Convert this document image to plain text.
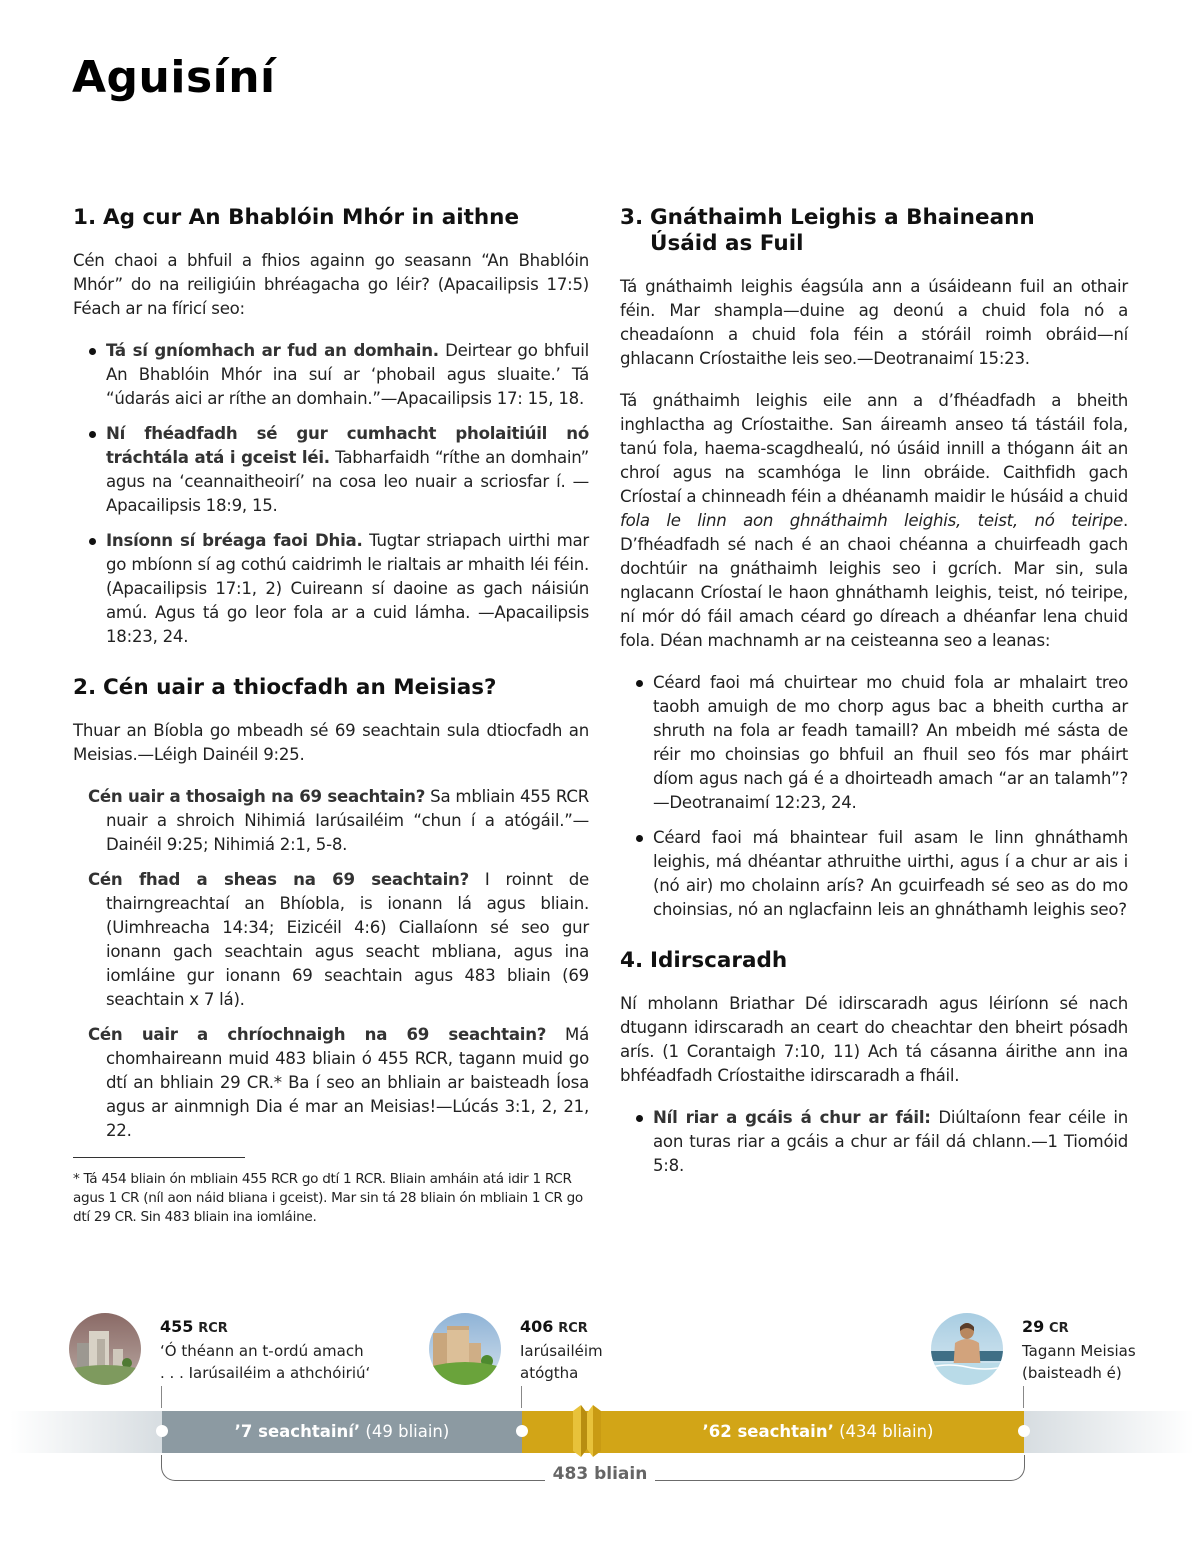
Aguisíní
1. Ag cur An Bhablóin Mhór in aithne

Cén chaoi a bhfuil a fhios againn go seasann “An Bhablóin Mhór” do na reiligiúin bhréagacha go léir? (Apacailipsis 17:5) Féach ar na fíricí seo:

Tá sí gníomhach ar fud an domhain. Deirtear go bhfuil An Bhablóin Mhór ina suí ar ‘phobail agus sluaite.’ Tá “údarás aici ar ríthe an domhain.”—Apacailipsis 17: 15, 18.
Ní fhéadfadh sé gur cumhacht pholaitiúil nó tráchtála atá i gceist léi. Tabharfaidh “ríthe an domhain” agus na ‘ceannaitheoirí’ na cosa leo nuair a scriosfar í. —Apacailipsis 18:9, 15.
Insíonn sí bréaga faoi Dhia. Tugtar striapach uirthi mar go mbíonn sí ag cothú caidrimh le rialtais ar mhaith léi féin. (Apacailipsis 17:1, 2) Cuireann sí daoine as gach náisiún amú. Agus tá go leor fola ar a cuid lámha. —Apacailipsis 18:23, 24.
2. Cén uair a thiocfadh an Meisias?

Thuar an Bíobla go mbeadh sé 69 seachtain sula dtiocfadh an Meisias.—Léigh Dainéil 9:25.

Cén uair a thosaigh na 69 seachtain? Sa mbliain 455 RCR nuair a shroich Nihimiá Iarúsailéim “chun í a atógáil.”—Dainéil 9:25; Nihimiá 2:1, 5-8.

Cén fhad a sheas na 69 seachtain? I roinnt de thairngreachtaí an Bhíobla, is ionann lá agus bliain. (Uimhreacha 14:34; Eizicéil 4:6) Ciallaíonn sé seo gur ionann gach seachtain agus seacht mbliana, agus ina iomláine gur ionann 69 seachtain agus 483 bliain (69 seachtain x 7 lá).

Cén uair a chríochnaigh na 69 seachtain? Má chomhaireann muid 483 bliain ó 455 RCR, tagann muid go dtí an bhliain 29 CR.* Ba í seo an bhliain ar baisteadh Íosa agus ar ainmnigh Dia é mar an Meisias!—Lúcás 3:1, 2, 21, 22.

* Tá 454 bliain ón mbliain 455 RCR go dtí 1 RCR. Bliain amháin atá idir 1 RCR agus 1 CR (níl aon náid bliana i gceist). Mar sin tá 28 bliain ón mbliain 1 CR go dtí 29 CR. Sin 483 bliain ina iomláine.

3. Gnáthaimh Leighis a Bhaineann Úsáid as Fuil

Tá gnáthaimh leighis éagsúla ann a úsáideann fuil an othair féin. Mar shampla—duine ag deonú a chuid fola nó a cheadaíonn a chuid fola féin a stóráil roimh obráid—ní ghlacann Críostaithe leis seo.—Deotranaimí 15:23.

Tá gnáthaimh leighis eile ann a d’fhéadfadh a bheith inghlactha ag Críostaithe. San áireamh anseo tá tástáil fola, tanú fola, haema-scagdhealú, nó úsáid innill a thógann áit an chroí agus na scamhóga le linn obráide. Caithfidh gach Críostaí a chinneadh féin a dhéanamh maidir le húsáid a chuid fola le linn aon ghnáthaimh leighis, teist, nó teiripe. D’fhéadfadh sé nach é an chaoi chéanna a chuirfeadh gach dochtúir na gnáthaimh leighis seo i gcrích. Mar sin, sula nglacann Críostaí le haon ghnáthamh leighis, teist, nó teiripe, ní mór dó fáil amach céard go díreach a dhéanfar lena chuid fola. Déan machnamh ar na ceisteanna seo a leanas:

Céard faoi má chuirtear mo chuid fola ar mhalairt treo taobh amuigh de mo chorp agus bac a bheith curtha ar shruth na fola ar feadh tamaill? An mbeidh mé sásta de réir mo choinsias go bhfuil an fhuil seo fós mar pháirt díom agus nach gá é a dhoirteadh amach “ar an talamh”?—Deotranaimí 12:23, 24.
Céard faoi má bhaintear fuil asam le linn ghnáthamh leighis, má dhéantar athruithe uirthi, agus í a chur ar ais i (nó air) mo cholainn arís? An gcuirfeadh sé seo as do mo choinsias, nó an nglacfainn leis an ghnáthamh leighis seo?
4. Idirscaradh

Ní mholann Briathar Dé idirscaradh agus léiríonn sé nach dtugann idirscaradh an ceart do cheachtar den bheirt pósadh arís. (1 Corantaigh 7:10, 11) Ach tá cásanna áirithe ann ina bhféadfadh Críostaithe idirscaradh a fháil.

Níl riar a gcáis á chur ar fáil: Diúltaíonn fear céile in aon turas riar a gcáis a chur ar fáil dá chlann.—1 Tiomóid 5:8.
455 RCR
‘Ó théann an t-ordú amach
. . . Iarúsailéim a athchóiriú‘
406 RCR
Iarúsailéim
atógtha
29 CR
Tagann Meisias
(baisteadh é)
’7 seachtainí’ (49 bliain)	’62 seachtain’ (434 bliain)
483 bliain
